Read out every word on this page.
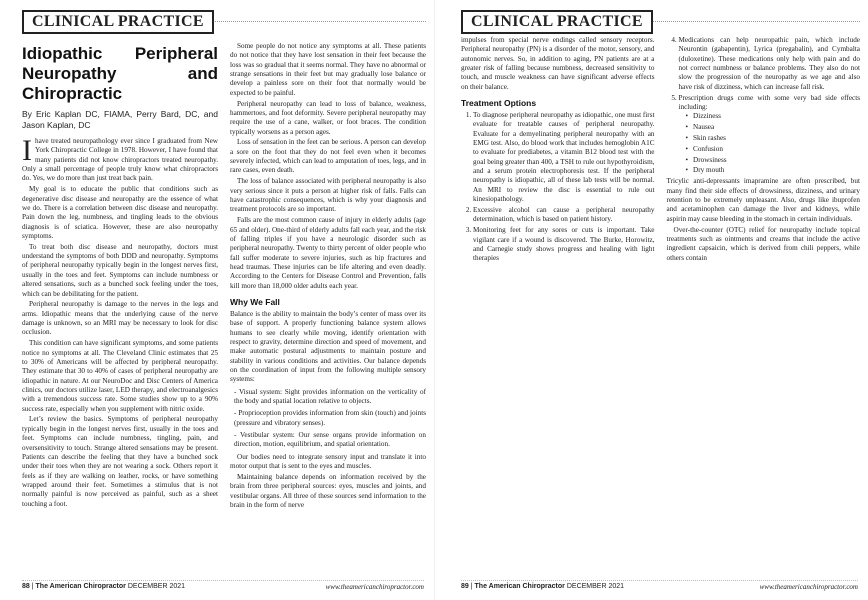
CLINICAL PRACTICE
Idiopathic Peripheral Neuropathy and Chiropractic
By Eric Kaplan DC, FIAMA, Perry Bard, DC, and Jason Kaplan, DC

Ihave treated neuropathology ever since I graduated from New York Chiropractic College in 1978. However, I have found that many patients did not know chiropractors treated neuropathy. Only a small percentage of people truly know what chiropractors do. Yes, we do more than just treat back pain.

My goal is to educate the public that conditions such as degenerative disc disease and neuropathy are the essence of what we do. There is a correlation between disc disease and neuropathy. Pain down the leg, numbness, and tingling leads to the obvious diagnosis is of sciatica. However, these are also neuropathy symptoms.

To treat both disc disease and neuropathy, doctors must understand the symptoms of both DDD and neuropathy. Symptoms of peripheral neuropathy typically begin in the longest nerves first, usually in the toes and feet. Symptoms can include numbness or altered sensations, such as a bunched sock feeling under the toes, which can be debilitating for the patient.

Peripheral neuropathy is damage to the nerves in the legs and arms. Idiopathic means that the underlying cause of the nerve damage is unknown, so an MRI may be necessary to look for disc occlusion.

This condition can have significant symptoms, and some patients notice no symptoms at all. The Cleveland Clinic estimates that 25 to 30% of Americans will be affected by peripheral neuropathy. They estimate that 30 to 40% of cases of peripheral neuropathy are idiopathic in nature. At our NeuroDoc and Disc Centers of America clinics, our doctors utilize laser, LED therapy, and electroanalgesics with a tremendous success rate. Some studies show up to a 90% success rate, especially when you supplement with nitric oxide.

Let’s review the basics. Symptoms of peripheral neuropathy typically begin in the longest nerves first, usually in the toes and feet. Symptoms can include numbness, tingling, pain, and oversensitivity to touch. Strange altered sensations may be present. Patients can describe the feeling that they have a bunched sock under their toes when they are not wearing a sock. Others report it feels as if they are walking on leather, rocks, or have something wrapped around their feet. Sometimes a stimulus that is not normally painful is now perceived as painful, such as a sheet touching a foot.

Some people do not notice any symptoms at all. These patients do not notice that they have lost sensation in their feet because the loss was so gradual that it seems normal. They have no abnormal or strange sensations in their feet but may gradually lose balance or develop a painless sore on their foot that normally would be expected to be painful.

Peripheral neuropathy can lead to loss of balance, weakness, hammertoes, and foot deformity. Severe peripheral neuropathy may require the use of a cane, walker, or foot braces. The condition typically worsens as a person ages.

Loss of sensation in the feet can be serious. A person can develop a sore on the foot that they do not feel even when it becomes severely infected, which can lead to amputation of toes, legs, and in rare cases, even death.

The loss of balance associated with peripheral neuropathy is also very serious since it puts a person at higher risk of falls. Falls can have catastrophic consequences, which is why your diagnosis and treatment protocols are so important.

Falls are the most common cause of injury in elderly adults (age 65 and older). One-third of elderly adults fall each year, and the risk of falling triples if you have a neurologic disorder such as peripheral neuropathy. Twenty to thirty percent of older people who fall suffer moderate to severe injuries, such as hip fractures and head traumas. These injuries can be life altering and even deadly. According to the Centers for Disease Control and Prevention, falls kill more than 18,000 older adults each year.

Why We Fall

Balance is the ability to maintain the body’s center of mass over its base of support. A properly functioning balance system allows humans to see clearly while moving, identify orientation with respect to gravity, determine direction and speed of movement, and make automatic postural adjustments to maintain posture and stability in various conditions and activities. Our balance depends on the coordination of input from the following multiple sensory systems:

- Visual system: Sight provides information on the verticality of the body and spatial location relative to objects.

- Proprioception provides information from skin (touch) and joints (pressure and vibratory senses).

- Vestibular system: Our sense organs provide information on direction, motion, equilibrium, and spatial orientation.

Our bodies need to integrate sensory input and translate it into motor output that is sent to the eyes and muscles.

Maintaining balance depends on information received by the brain from three peripheral sources: eyes, muscles and joints, and vestibular organs. All three of these sources send information to the brain in the form of nerve

88 | The American Chiropractor DECEMBER 2021	www.theamericanchiropractor.com
CLINICAL PRACTICE

impulses from special nerve endings called sensory receptors. Peripheral neuropathy (PN) is a disorder of the motor, sensory, and autonomic nerves. So, in addition to aging, PN patients are at a greater risk of falling because numbness, decreased sensitivity to touch, and muscle weakness can have significant adverse effects on their balance.

Treatment Options
1. To diagnose peripheral neuropathy as idiopathic, one must first evaluate for treatable causes of peripheral neuropathy. Evaluate for a demyelinating peripheral neuropathy with an EMG test. Also, do blood work that includes hemoglobin A1C to evaluate for prediabetes, a vitamin B12 blood test with the goal being greater than 400, a TSH to rule out hypothyroidism, and a serum protein electrophoresis test. If the peripheral neuropathy is idiopathic, all of these lab tests will be normal. An MRI to review the disc is essential to rule out kinesiopathology.
2. Excessive alcohol can cause a peripheral neuropathy determination, which is based on patient history.
3. Monitoring feet for any sores or cuts is important. Take vigilant care if a wound is discovered. The Burke, Horowitz, and Carnegie study shows progress and healing with light therapies
4. Medications can help neuropathic pain, which include Neurontin (gabapentin), Lyrica (pregabalin), and Cymbalta (duloxetine). These medications only help with pain and do not correct numbness or balance problems. They also do not slow the progression of the neuropathy as we age and also have risk of dizziness, which can increase fall risk.
5. Prescription drugs come with some very bad side effects including:
• Dizziness
• Nausea
• Skin rashes
• Confusion
• Drowsiness
• Dry mouth

Tricylic anti-depressants imapramine are often prescribed, but many find their side effects of drowsiness, dizziness, and urinary retention to be extremely unpleasant. Also, drugs like ibuprofen and acetaminophen can damage the liver and kidneys, while aspirin may cause bleeding in the stomach in certain individuals.

Over-the-counter (OTC) relief for neuropathy include topical treatments such as ointments and creams that include the active ingredient capsaicin, which is derived from chili peppers, while others contain

89 | The American Chiropractor DECEMBER 2021	www.theamericanchiropractor.com
